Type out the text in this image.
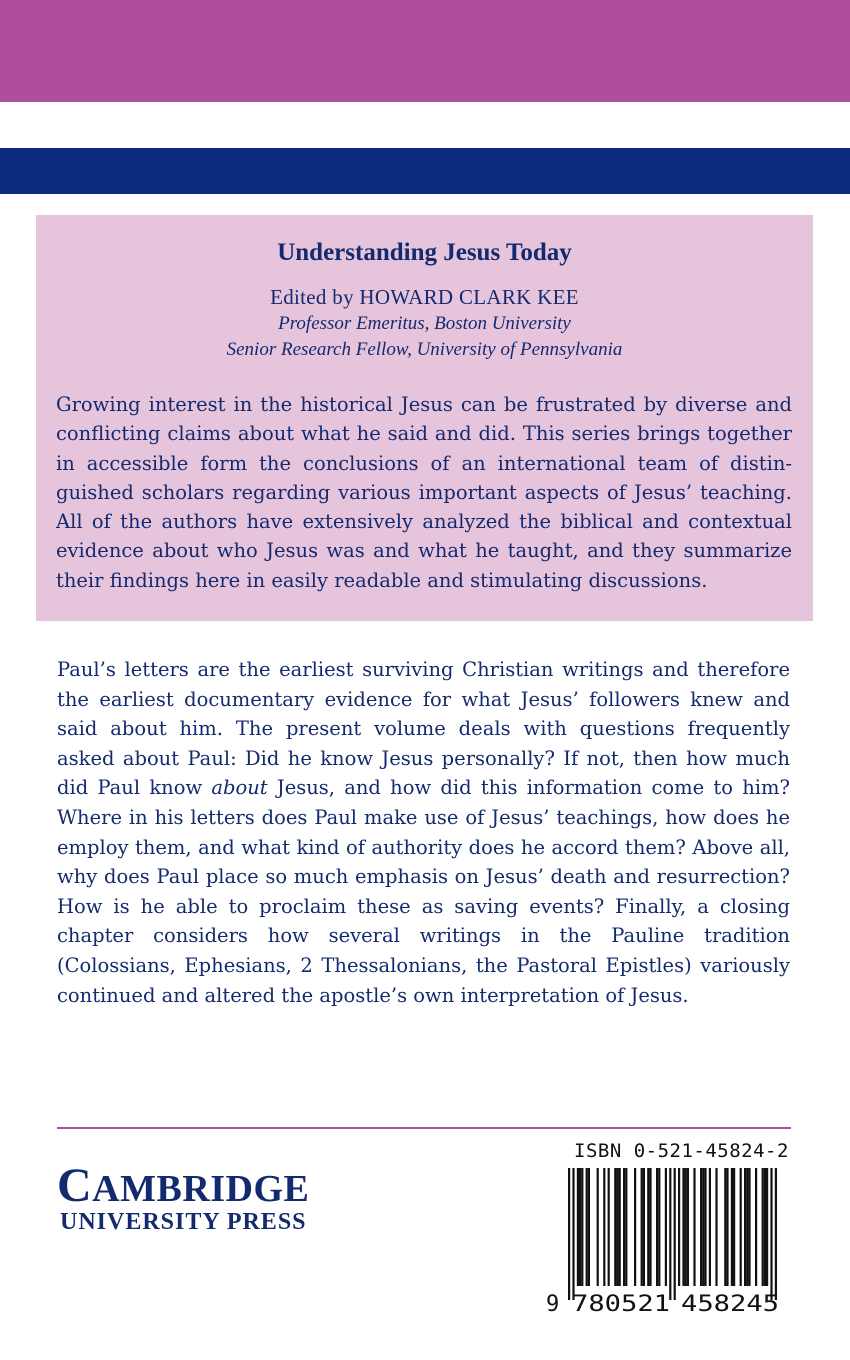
Understanding Jesus Today
Edited by HOWARD CLARK KEE
Professor Emeritus, Boston University
Senior Research Fellow, University of Pennsylvania

Growing interest in the historical Jesus can be frustrated by diverse and conflicting claims about what he said and did. This series brings together in accessible form the conclusions of an international team of distinguished scholars regarding various important aspects of Jesus’ teaching. All of the authors have extensively analyzed the biblical and contextual evidence about who Jesus was and what he taught, and they summarize their findings here in easily readable and stimulating discussions.

Paul’s letters are the earliest surviving Christian writings and therefore the earliest documentary evidence for what Jesus’ followers knew and said about him. The present volume deals with questions frequently asked about Paul: Did he know Jesus personally? If not, then how much did Paul know about Jesus, and how did this information come to him? Where in his letters does Paul make use of Jesus’ teachings, how does he employ them, and what kind of authority does he accord them? Above all, why does Paul place so much emphasis on Jesus’ death and resurrection? How is he able to proclaim these as saving events? Finally, a closing chapter considers how several writings in the Pauline tradition (Colossians, Ephesians, 2 Thessalonians, the Pastoral Epistles) variously continued and altered the apostle’s own interpretation of Jesus.

CAMBRIDGE
UNIVERSITY PRESS
ISBN 0-521-45824-2
9 780521 458245
